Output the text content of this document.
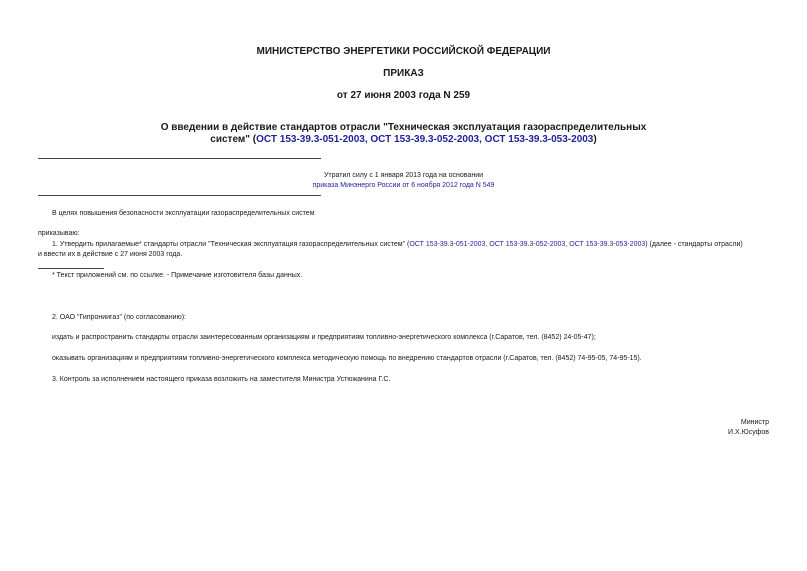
МИНИСТЕРСТВО ЭНЕРГЕТИКИ РОССИЙСКОЙ ФЕДЕРАЦИИ
ПРИКАЗ
от 27 июня 2003 года N 259
О введении в действие стандартов отрасли "Техническая эксплуатация газораспределительных
систем" (ОСТ 153-39.3-051-2003, ОСТ 153-39.3-052-2003, ОСТ 153-39.3-053-2003)
Утратил силу с 1 января 2013 года на основании
приказа Минэнерго России от 6 ноября 2012 года N 549
В целях повышения безопасности эксплуатации газораспределительных систем
приказываю:
1. Утвердить прилагаемые* стандарты отрасли "Техническая эксплуатация газораспределительных систем" (ОСТ 153-39.3-051-2003, ОСТ 153-39.3-052-2003, ОСТ 153-39.3-053-2003) (далее - стандарты отрасли)
и ввести их в действие с 27 июня 2003 года.
* Текст приложений см. по ссылке. - Примечание изготовителя базы данных.
2. ОАО "Гипрониигаз" (по согласованию):
издать и распространить стандарты отрасли заинтересованным организациям и предприятиям топливно-энергетического комплекса (г.Саратов, тел. (8452) 24-05-47);
оказывать организациям и предприятиям топливно-энергетического комплекса методическую помощь по внедрению стандартов отрасли (г.Саратов, тел. (8452) 74-95-05, 74-95-15).
3. Контроль за исполнением настоящего приказа возложить на заместителя Министра Устюжанина Г.С.
Министр
И.Х.Юсуфов
